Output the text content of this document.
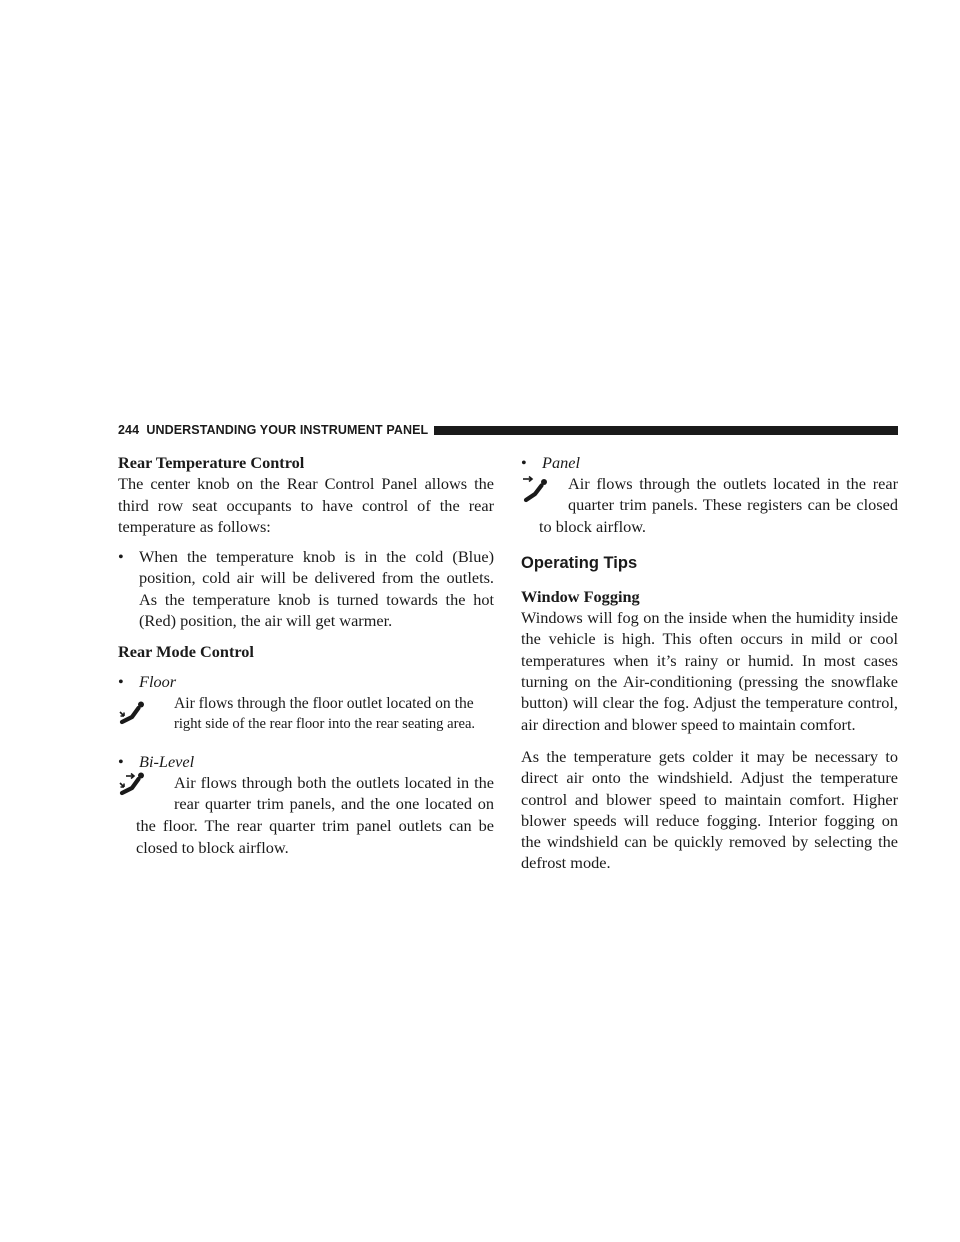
244 UNDERSTANDING YOUR INSTRUMENT PANEL

Rear Temperature Control

The center knob on the Rear Control Panel allows the third row seat occupants to have control of the rear temperature as follows:

• When the temperature knob is in the cold (Blue) position, cold air will be delivered from the outlets. As the temperature knob is turned towards the hot (Red) position, the air will get warmer.

Rear Mode Control

• Floor

Air flows through the floor outlet located on the

right side of the rear floor into the rear seating area.

• Bi-Level

Air flows through both the outlets located in the

rear quarter trim panels, and the one located on

the floor. The rear quarter trim panel outlets can be closed to block airflow.

• Panel

Air flows through the outlets located in the rear

quarter trim panels. These registers can be closed

to block airflow.

Operating Tips

Window Fogging

Windows will fog on the inside when the humidity inside the vehicle is high. This often occurs in mild or cool temperatures when it’s rainy or humid. In most cases turning on the Air-conditioning (pressing the snowflake button) will clear the fog. Adjust the temperature control, air direction and blower speed to maintain comfort.

As the temperature gets colder it may be necessary to direct air onto the windshield. Adjust the temperature control and blower speed to maintain comfort. Higher blower speeds will reduce fogging. Interior fogging on the windshield can be quickly removed by selecting the defrost mode.
